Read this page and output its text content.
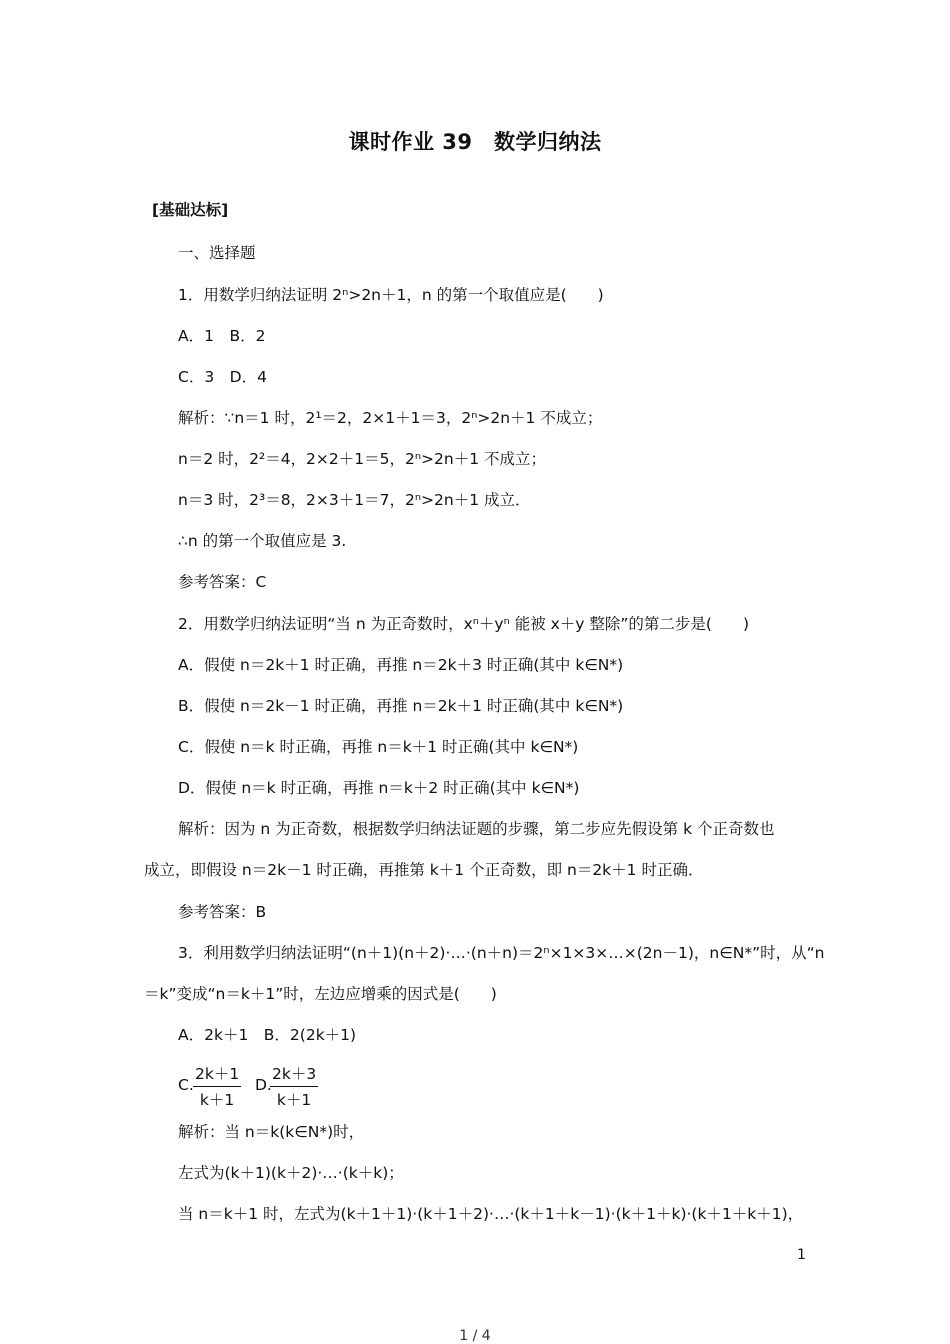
课时作业 39　数学归纳法
[基础达标]
一、选择题
1．用数学归纳法证明 2ⁿ>2n＋1，n 的第一个取值应是(　　)
A．1　B．2
C．3　D．4
解析：∵n＝1 时，2¹＝2，2×1＋1＝3，2ⁿ>2n＋1 不成立；
n＝2 时，2²＝4，2×2＋1＝5，2ⁿ>2n＋1 不成立；
n＝3 时，2³＝8，2×3＋1＝7，2ⁿ>2n＋1 成立．
∴n 的第一个取值应是 3.
参考答案：C
2．用数学归纳法证明“当 n 为正奇数时，xⁿ＋yⁿ 能被 x＋y 整除”的第二步是(　　)
A．假使 n＝2k＋1 时正确，再推 n＝2k＋3 时正确(其中 k∈N*)
B．假使 n＝2k－1 时正确，再推 n＝2k＋1 时正确(其中 k∈N*)
C．假使 n＝k 时正确，再推 n＝k＋1 时正确(其中 k∈N*)
D．假使 n＝k 时正确，再推 n＝k＋2 时正确(其中 k∈N*)
解析：因为 n 为正奇数，根据数学归纳法证题的步骤，第二步应先假设第 k 个正奇数也
成立，即假设 n＝2k－1 时正确，再推第 k＋1 个正奇数，即 n＝2k＋1 时正确．
参考答案：B
3．利用数学归纳法证明“(n＋1)(n＋2)·…·(n＋n)＝2ⁿ×1×3×…×(2n－1)，n∈N*”时，从“n
＝k”变成“n＝k＋1”时，左边应增乘的因式是(　　)
A．2k＋1　B．2(2k＋1)
C. $\frac{2k+1}{k+1} D$.
$\frac{2k+3}{k+1}$
解析：当 n＝k(k∈N*)时，
左式为(k＋1)(k＋2)·…·(k＋k)；
当 n＝k＋1 时，左式为(k＋1＋1)·(k＋1＋2)·…·(k＋1＋k－1)·(k＋1＋k)·(k＋1＋k＋1)，
1
1 / 4
